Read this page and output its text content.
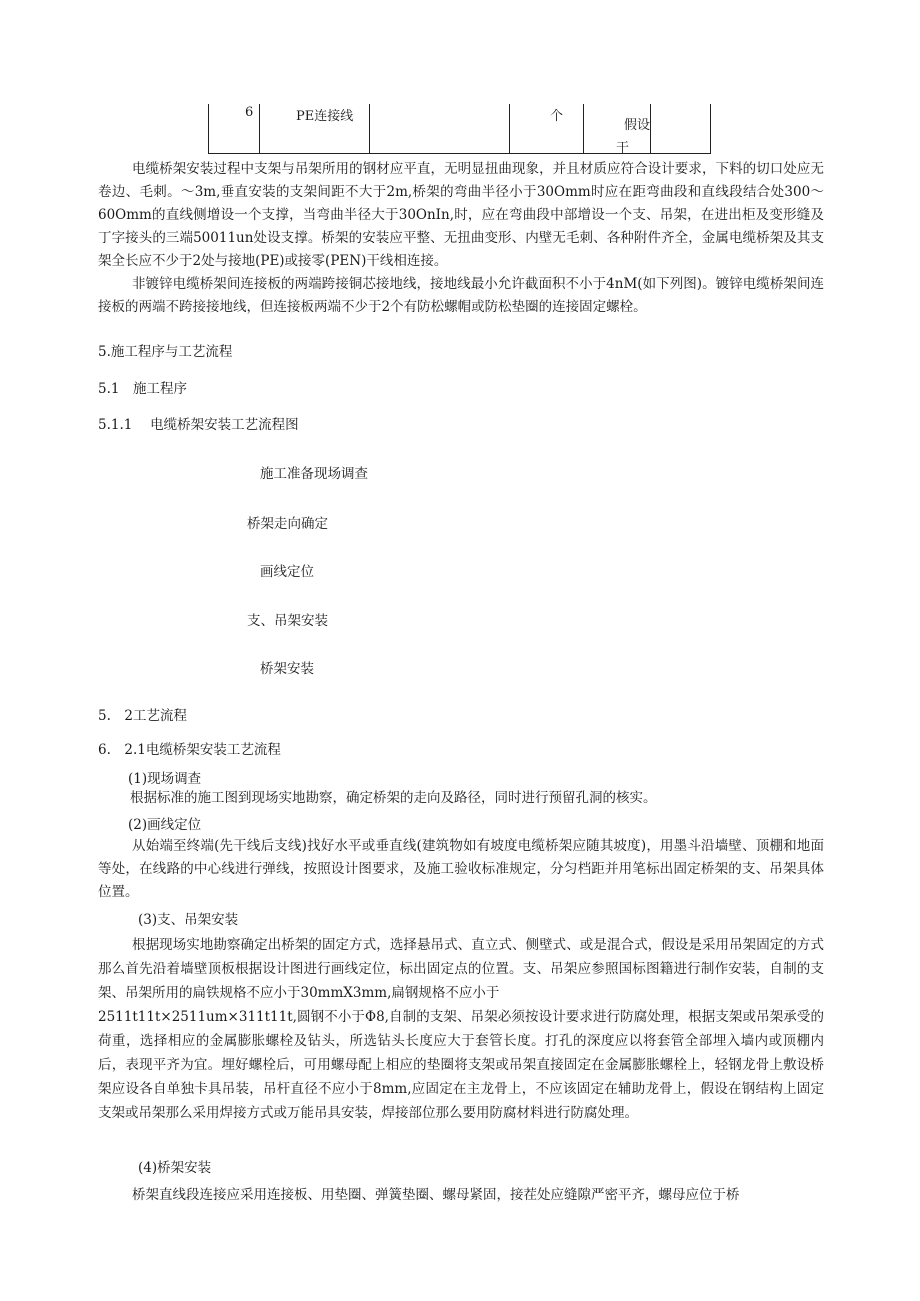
6	PE连接线	个
假设
干

电缆桥架安装过程中支架与吊架所用的钢材应平直，无明显扭曲现象，并且材质应符合设计要求，下料的切口处应无卷边、毛刺。～3m,垂直安装的支架间距不大于2m,桥架的弯曲半径小于30Omm时应在距弯曲段和直线段结合处300～60Omm的直线侧增设一个支撑，当弯曲半径大于30OnIn,时，应在弯曲段中部增设一个支、吊架，在进出柜及变形缝及丁字接头的三端50011un处设支撑。桥架的安装应平整、无扭曲变形、内壁无毛刺、各种附件齐全，金属电缆桥架及其支架全长应不少于2处与接地(PE)或接零(PEN)干线相连接。

非镀锌电缆桥架间连接板的两端跨接铜芯接地线，接地线最小允许截面积不小于4nM(如下列图)。镀锌电缆桥架间连接板的两端不跨接接地线，但连接板两端不少于2个有防松螺帽或防松垫圈的连接固定螺栓。

5.施工程序与工艺流程
5.1　施工程序
5.1.1　 电缆桥架安装工艺流程图
施工准备现场调查
桥架走向确定
画线定位
支、吊架安装
桥架安装
5.　2工艺流程
6.　2.1电缆桥架安装工艺流程
(1)现场调查

根据标准的施工图到现场实地勘察，确定桥架的走向及路径，同时进行预留孔洞的核实。

(2)画线定位

从始端至终端(先干线后支线)找好水平或垂直线(建筑物如有坡度电缆桥架应随其坡度)，用墨斗沿墙壁、顶棚和地面等处，在线路的中心线进行弹线，按照设计图要求，及施工验收标准规定，分匀档距并用笔标出固定桥架的支、吊架具体位置。

(3)支、吊架安装

根据现场实地勘察确定出桥架的固定方式，选择悬吊式、直立式、侧壁式、或是混合式，假设是采用吊架固定的方式那么首先沿着墙壁顶板根据设计图进行画线定位，标出固定点的位置。支、吊架应参照国标图籍进行制作安装，自制的支架、吊架所用的扁铁规格不应小于30mmX3mm,扁钢规格不应小于

2511t11t×2511um×311t11t,圆钢不小于Φ8,自制的支架、吊架必须按设计要求进行防腐处理，根据支架或吊架承受的荷重，选择相应的金属膨胀螺栓及钻头，所选钻头长度应大于套管长度。打孔的深度应以将套管全部埋入墙内或顶棚内后，表现平齐为宜。埋好螺栓后，可用螺母配上相应的垫圈将支架或吊架直接固定在金属膨胀螺栓上，轻钢龙骨上敷设桥架应设各自单独卡具吊装，吊杆直径不应小于8mm,应固定在主龙骨上，不应该固定在辅助龙骨上，假设在钢结构上固定支架或吊架那么采用焊接方式或万能吊具安装，焊接部位那么要用防腐材料进行防腐处理。

(4)桥架安装

桥架直线段连接应采用连接板、用垫圈、弹簧垫圈、螺母紧固，接茬处应缝隙严密平齐，螺母应位于桥
